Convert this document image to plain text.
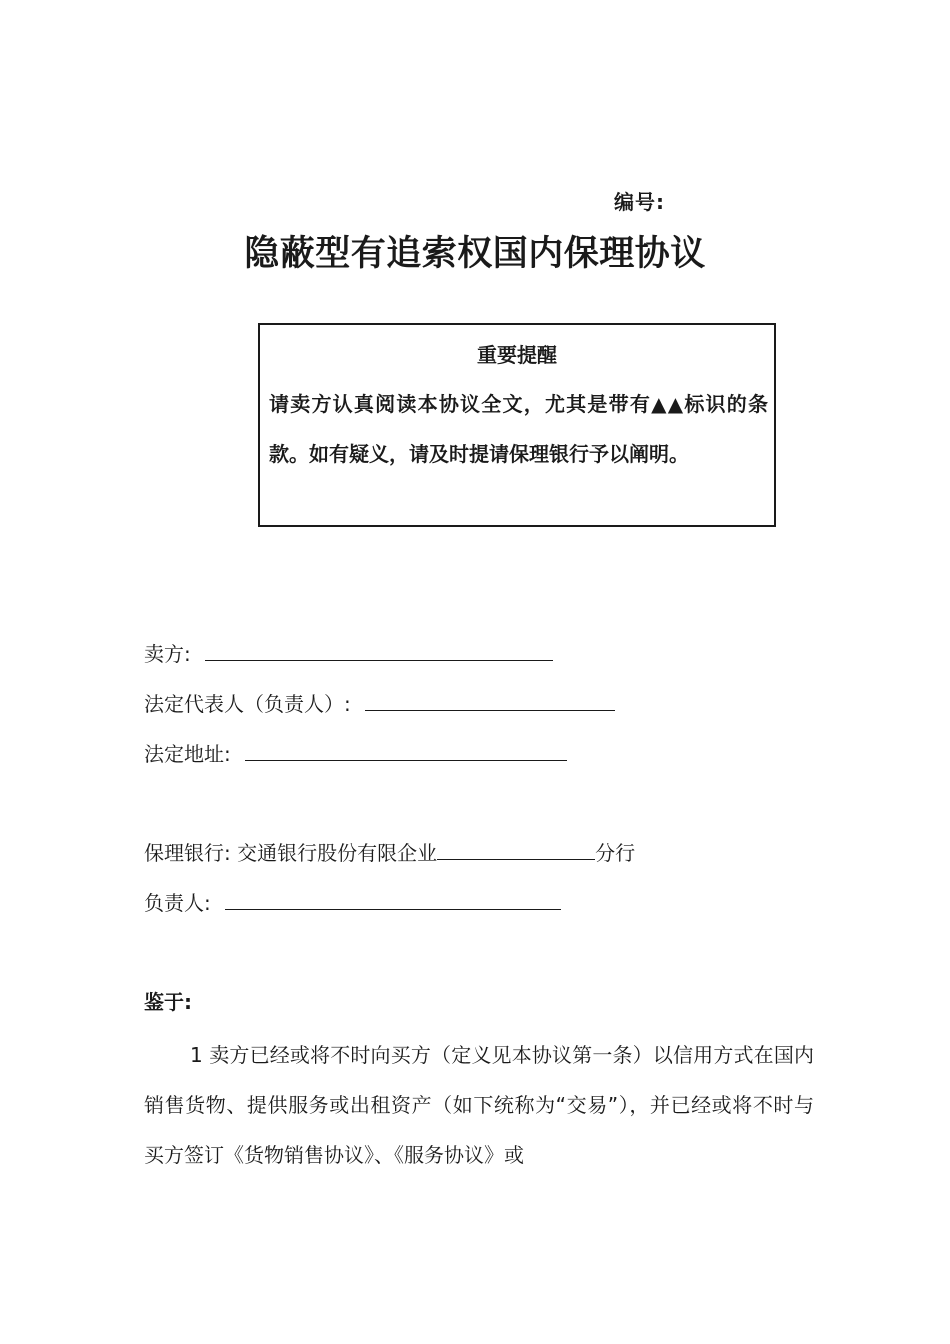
编号:
隐蔽型有追索权国内保理协议
重要提醒
请卖方认真阅读本协议全文，尤其是带有▲▲标识的条款。如有疑义，请及时提请保理银行予以阐明。
卖方:
法定代表人（负责人）:
法定地址:
保理银行: 交通银行股份有限企业	分行
负责人:
鉴于:
1 卖方已经或将不时向买方（定义见本协议第一条）以信用方式在国内销售货物、提供服务或出租资产（如下统称为“交易”），并已经或将不时与买方签订《货物销售协议》、《服务协议》或
